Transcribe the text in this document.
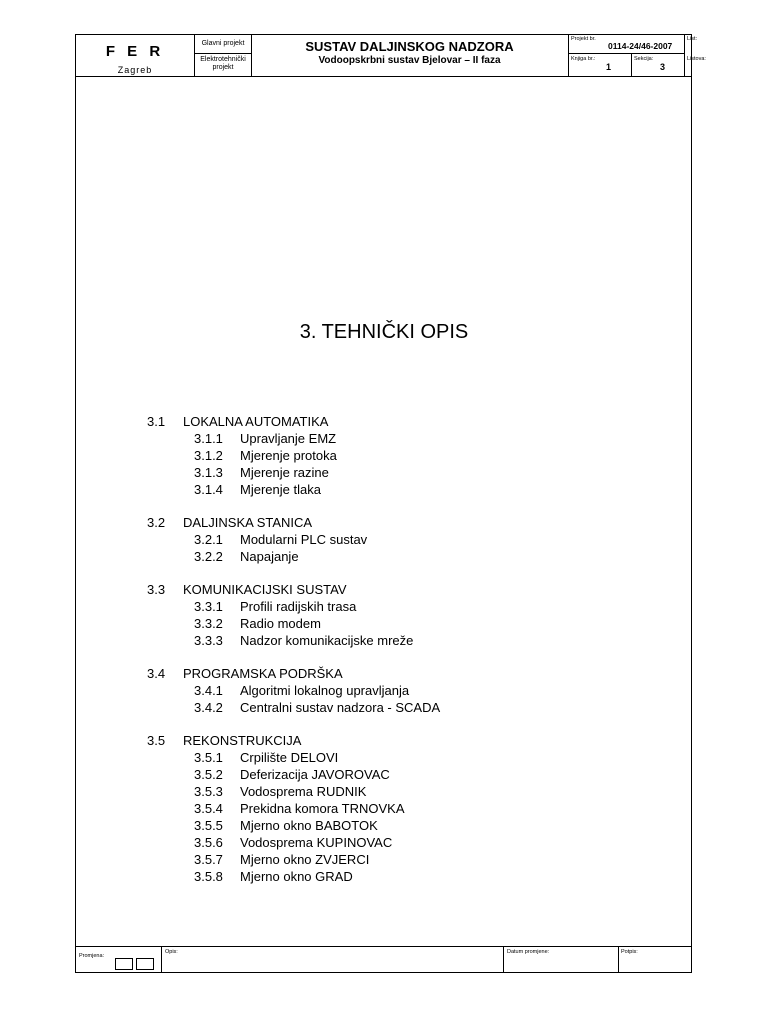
F E R
Zagreb
Glavni projekt
Elektrotehnički projekt
SUSTAV DALJINSKOG NADZORA
Vodoopskrbni sustav Bjelovar – II faza
Projekt br.
0114-24/46-2007
List:
Knjiga br.:
1
Sekcija:
3
Listova:
Promjena:
Opis:	Datum promjene:	Potpis:
3. TEHNIČKI OPIS
3.1	LOKALNA AUTOMATIKA
3.1.1 Upravljanje EMZ
3.1.2 Mjerenje protoka
3.1.3 Mjerenje razine
3.1.4 Mjerenje tlaka
3.2	DALJINSKA STANICA
3.2.1 Modularni PLC sustav
3.2.2 Napajanje
3.3	KOMUNIKACIJSKI SUSTAV
3.3.1 Profili radijskih trasa
3.3.2 Radio modem
3.3.3 Nadzor komunikacijske mreže
3.4	PROGRAMSKA PODRŠKA
3.4.1 Algoritmi lokalnog upravljanja
3.4.2 Centralni sustav nadzora - SCADA
3.5	REKONSTRUKCIJA
3.5.1 Crpilište DELOVI
3.5.2 Deferizacija JAVOROVAC
3.5.3 Vodosprema RUDNIK
3.5.4 Prekidna komora TRNOVKA
3.5.5 Mjerno okno BABOTOK
3.5.6 Vodosprema KUPINOVAC
3.5.7 Mjerno okno ZVJERCI
3.5.8 Mjerno okno GRAD
